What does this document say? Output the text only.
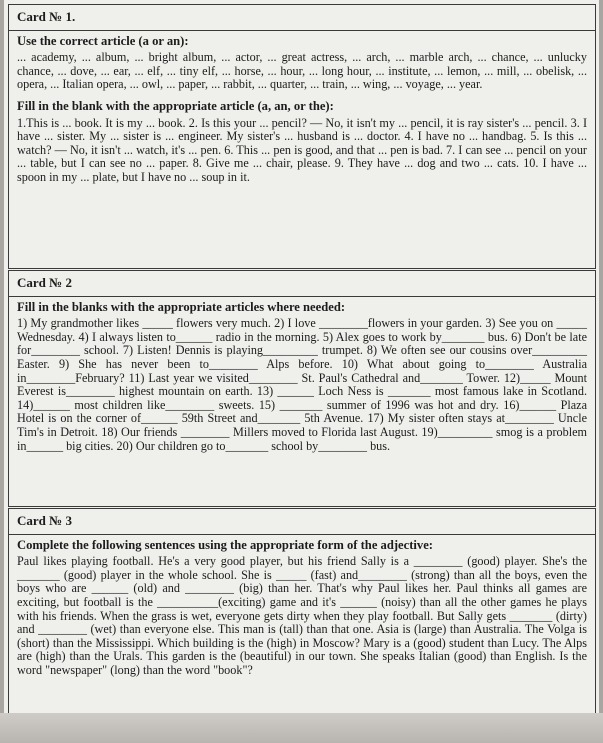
Card № 1.
Use the correct article (a or an):
... academy, ... album, ... bright album, ... actor, ... great actress, ... arch, ... marble arch, ... chance, ... unlucky chance, ... dove, ... ear, ... elf, ... tiny elf, ... horse, ... hour, ... long hour, ... institute, ... lemon, ... mill, ... obelisk, ... opera, ... Italian opera, ... owl, ... paper, ... rabbit, ... quarter, ... train, ... wing, ... voyage, ... year.
Fill in the blank with the appropriate article (a, an, or the):
1.This is ... book. It is my ... book. 2. Is this your ... pencil? — No, it isn't my ... pencil, it is ray sister's ... pencil. 3. I have ... sister. My ... sister is ... engineer. My sister's ... husband is ... doctor. 4. I have no ... handbag. 5. Is this ... watch? — No, it isn't ... watch, it's ... pen. 6. This ... pen is good, and that ... pen is bad. 7. I can see ... pencil on your ... table, but I can see no ... paper. 8. Give me ... chair, please. 9. They have ... dog and two ... cats. 10. I have ... spoon in my ... plate, but I have no ... soup in it.
Card № 2
Fill in the blanks with the appropriate articles where needed:
1) My grandmother likes _____ flowers very much. 2) I love ________flowers in your garden. 3) See you on _____ Wednesday. 4) I always listen to______ radio in the morning. 5) Alex goes to work by_______ bus. 6) Don't be late for________ school. 7) Listen! Dennis is playing_________ trumpet. 8) We often see our cousins over_________ Easter. 9) She has never been to________ Alps before. 10) What about going to________ Australia in________February? 11) Last year we visited________ St. Paul's Cathedral and_______ Tower. 12)_____ Mount Everest is________ highest mountain on earth. 13) ______ Loch Ness is _______ most famous lake in Scotland. 14)______ most children like________ sweets. 15) _______ summer of 1996 was hot and dry. 16)______ Plaza Hotel is on the corner of______ 59th Street and_______ 5th Avenue. 17) My sister often stays at________ Uncle Tim's in Detroit. 18) Our friends ________ Millers moved to Florida last August. 19)_________ smog is a problem in______ big cities. 20) Our children go to_______ school by________ bus.
Card № 3
Complete the following sentences using the appropriate form of the adjective:
Paul likes playing football. He's a very good player, but his friend Sally is a ________ (good) player. She's the _______ (good) player in the whole school. She is _____ (fast) and________ (strong) than all the boys, even the boys who are ______ (old) and ________ (big) than her. That's why Paul likes her. Paul thinks all games are exciting, but football is the __________(exciting) game and it's ______ (noisy) than all the other games he plays with his friends. When the grass is wet, everyone gets dirty when they play football. But Sally gets _______ (dirty) and ________ (wet) than everyone else. This man is (tall) than that one. Asia is (large) than Australia. The Volga is (short) than the Mississippi. Which building is the (high) in Moscow? Mary is a (good) student than Lucy. The Alps are (high) than the Urals. This garden is the (beautiful) in our town. She speaks Italian (good) than English. Is the word "newspaper" (long) than the word "book"?
